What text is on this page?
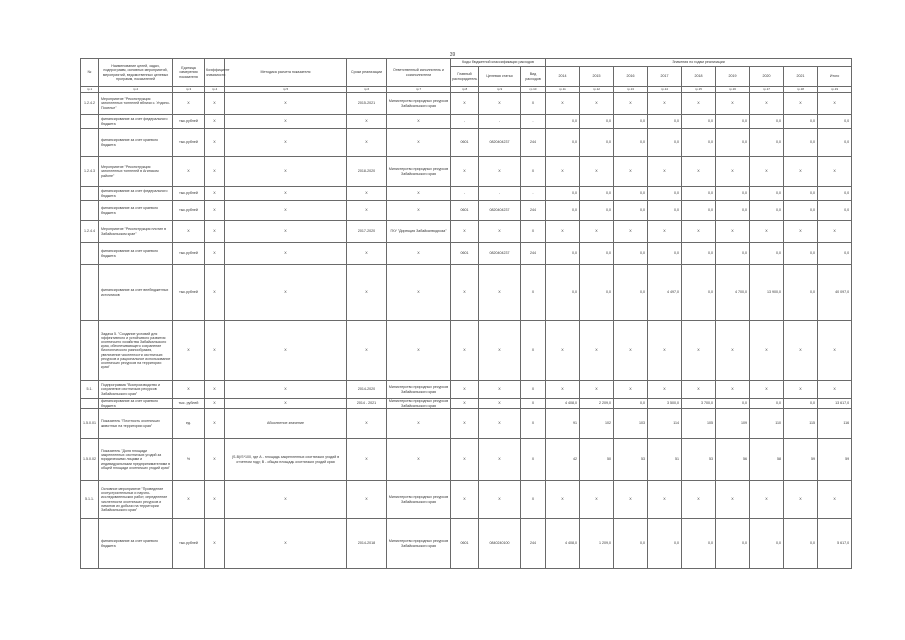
39
№	Наименование целей, задач, подпрограмм, основных мероприятий, мероприятий, ведомственных целевых программ, показателей	Единица измерения показателя	Коэффициент значимости	Методика расчета показателя	Сроки реализации	Ответственный исполнитель и соисполнители	Коды бюджетной классификации расходов			Значения по годам реализации								
							Главный распорядитель	Целевая статья	Вид расходов	2014	2015	2016	2017	2018	2019	2020	2021	Итого
гр.1	гр.2	гр.3	гр.4	гр.5	гр.6	гр.7	гр.8	гр.9	гр.10	гр.11	гр.12	гр.13	гр.14	гр.15	гр.16	гр.17	гр.18	гр.19
1.2.4.2	Мероприятие "Реконструкция затопленных тоннелей вблизи с. Ундино-Поселье"	X	X	X	2015-2021	Министерство природных ресурсов Забайкальского края	X	X	X	X	X	X	X	X	X	X	X	X
	финансирование за счет федерального бюджета	тыс.рублей	X	X	X	X	-	-	-	0,0	0,0	0,0	0,0	0,0	0,0	0,0	0,0	0,0
	финансирование за счет краевого бюджета	тыс.рублей	X	X	X	X	0601	0820404237	244	0,0	0,0	0,0	0,0	0,0	0,0	0,0	0,0	0,0
1.2.4.3	Мероприятие "Реконструкция затопленных тоннелей в Агинском районе"	X	X	X	2018-2020	Министерство природных ресурсов Забайкальского края	X	X	X	X	X	X	X	X	X	X	X	X
	финансирование за счет федерального бюджета	тыс.рублей	X	X	X	X	-	-	-	0,0	0,0	0,0	0,0	0,0	0,0	0,0	0,0	0,0
	финансирование за счет краевого бюджета	тыс.рублей	X	X	X	X	0601	0820404237	244	0,0	0,0	0,0	0,0	0,0	0,0	0,0	0,0	0,0
1.2.4.4	Мероприятие "Реконструкция плотин в Забайкальском крае"	X	X	X	2017-2020	ГКУ "Дирекция Забайкалводхоза"	X	X	X	X	X	X	X	X	X	X	X	X
	финансирование за счет краевого бюджета	тыс.рублей	X	X	X	X	0601	0820404237	244	0,0	0,0	0,0	0,0	0,0	0,0	0,0	0,0	0,0
	финансирование за счет внебюджетных источников	тыс.рублей	X	X	X	X	X	X	X	0,0	0,0	0,0	4 497,0	0,0	4 700,0	13 900,0	0,0	40 097,0
	Задача 5. "Создание условий для эффективного и устойчивого развития охотничьего хозяйства Забайкальского края, обеспечивающего сохранение биологического разнообразия, увеличение численности охотничьих ресурсов и рациональное использование охотничьих ресурсов на территории края"	X	X	X	X	X	X	X	X	X	X	X	X	X	X	X	X	X
5.1.	Подпрограмма "Воспроизводство и сохранение охотничьих ресурсов Забайкальского края"	X	X	X	2014-2020	Министерство природных ресурсов Забайкальского края	X	X	X	X	X	X	X	X	X	X	X	X
	финансирование за счет краевого бюджета	тыс. рублей	X	X	2014 - 2021	Министерство природных ресурсов Забайкальского края	X	X	X	4 408,0	2 209,0	0,0	3 500,0	3 700,0	0,0	0,0	0,0	13 617,0
1.5.0.01	Показатель "Плотность охотничьих животных на территории края"	ед.	X	Абсолютное значение	X	X	X	X	X	91	102	103	114	105	109	110	115	116
1.5.0.02	Показатель "Доля площади закрепленных охотничьих угодий за юридическими лицами и индивидуальными предпринимателями в общей площади охотничьих угодий края"	%	X	(S-B)/S*100, где А - площадь закрепленных охотничьих угодий в отчетном году; В - общая площадь охотничьих угодий края	X	X	X	X	X	42	50	53	51	53	56	58	59	59
5.1.1.	Основное мероприятие "Проведение охотустроительных и научно-исследовательских работ, определение численности охотничьих ресурсов и лимитов их добычи на территории Забайкальского края"	X	X	X	X	Министерство природных ресурсов Забайкальского края	X	X	X	X	X	X	X	X	X	X	X	X
	финансирование за счет краевого бюджета	тыс.рублей	X	X	2014-2018	Министерство природных ресурсов Забайкальского края	0601	0840240100	244	4 408,0	1 209,0	0,0	0,0	0,0	0,0	0,0	0,0	5 617,0
